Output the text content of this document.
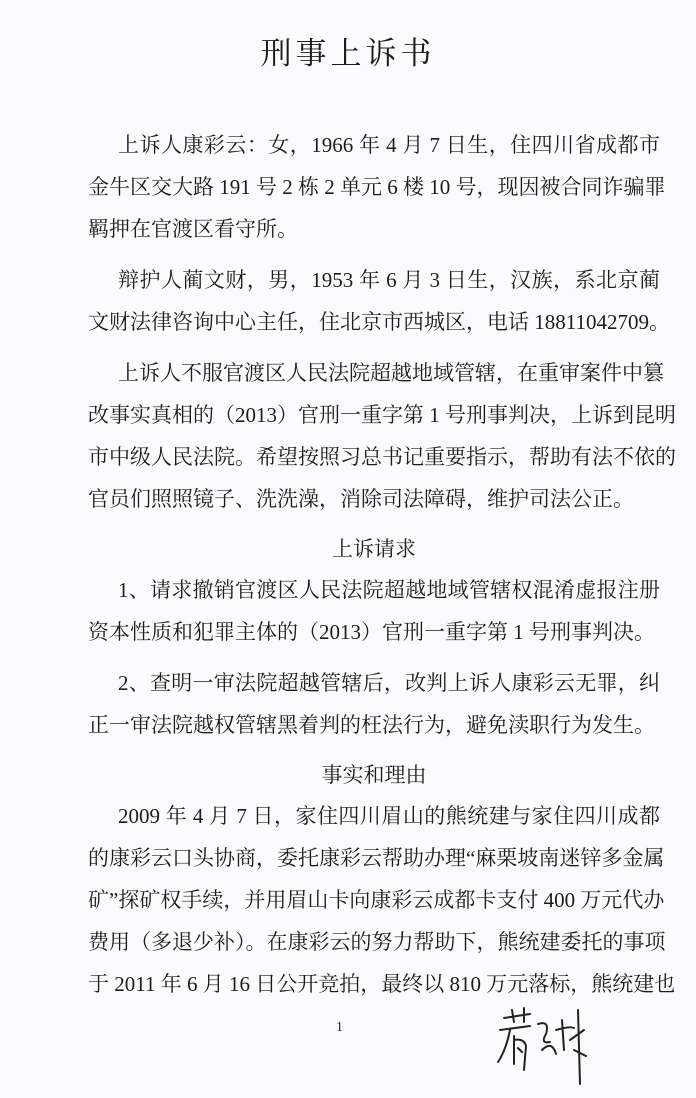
刑事上诉书
上诉人康彩云：女，1966 年 4 月 7 日生，住四川省成都市
金牛区交大路 191 号 2 栋 2 单元 6 楼 10 号，现因被合同诈骗罪
羁押在官渡区看守所。
辩护人蔺文财，男，1953 年 6 月 3 日生，汉族，系北京蔺
文财法律咨询中心主任，住北京市西城区，电话 18811042709。
上诉人不服官渡区人民法院超越地域管辖，在重审案件中篡
改事实真相的（2013）官刑一重字第 1 号刑事判决，上诉到昆明
市中级人民法院。希望按照习总书记重要指示，帮助有法不依的
官员们照照镜子、洗洗澡，消除司法障碍，维护司法公正。
上诉请求
1、请求撤销官渡区人民法院超越地域管辖权混淆虚报注册
资本性质和犯罪主体的（2013）官刑一重字第 1 号刑事判决。
2、查明一审法院超越管辖后，改判上诉人康彩云无罪，纠
正一审法院越权管辖黑着判的枉法行为，避免渎职行为发生。
事实和理由
2009 年 4 月 7 日，家住四川眉山的熊统建与家住四川成都
的康彩云口头协商，委托康彩云帮助办理“麻栗坡南迷锌多金属
矿”探矿权手续，并用眉山卡向康彩云成都卡支付 400 万元代办
费用（多退少补）。在康彩云的努力帮助下，熊统建委托的事项
于 2011 年 6 月 16 日公开竞拍，最终以 810 万元落标，熊统建也
1
